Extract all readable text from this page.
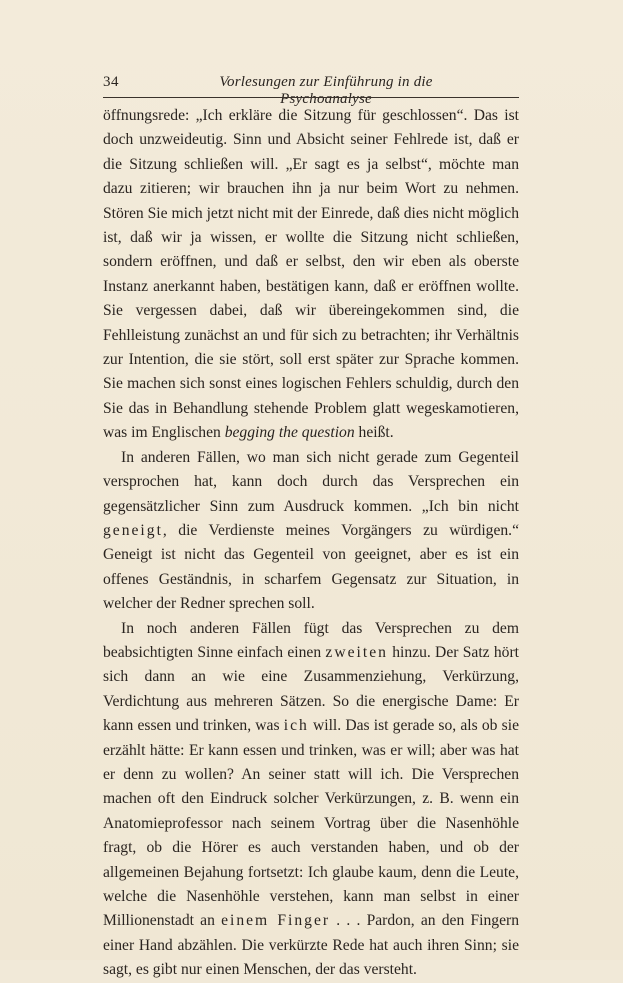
34	Vorlesungen zur Einführung in die Psychoanalyse

öffnungsrede: „Ich erkläre die Sitzung für geschlossen“. Das ist doch unzweideutig. Sinn und Absicht seiner Fehlrede ist, daß er die Sitzung schließen will. „Er sagt es ja selbst“, möchte man dazu zitieren; wir brauchen ihn ja nur beim Wort zu nehmen. Stören Sie mich jetzt nicht mit der Einrede, daß dies nicht möglich ist, daß wir ja wissen, er wollte die Sitzung nicht schließen, sondern eröffnen, und daß er selbst, den wir eben als oberste Instanz anerkannt haben, bestätigen kann, daß er eröffnen wollte. Sie vergessen dabei, daß wir übereingekommen sind, die Fehlleistung zunächst an und für sich zu betrachten; ihr Verhältnis zur Intention, die sie stört, soll erst später zur Sprache kommen. Sie machen sich sonst eines logischen Fehlers schuldig, durch den Sie das in Behandlung stehende Problem glatt wegeskamotieren, was im Englischen begging the question heißt.

In anderen Fällen, wo man sich nicht gerade zum Gegenteil versprochen hat, kann doch durch das Versprechen ein gegensätzlicher Sinn zum Ausdruck kommen. „Ich bin nicht geneigt, die Verdienste meines Vorgängers zu würdigen.“ Geneigt ist nicht das Gegenteil von geeignet, aber es ist ein offenes Geständnis, in scharfem Gegensatz zur Situation, in welcher der Redner sprechen soll.

In noch anderen Fällen fügt das Versprechen zu dem beabsichtigten Sinne einfach einen zweiten hinzu. Der Satz hört sich dann an wie eine Zusammenziehung, Verkürzung, Verdichtung aus mehreren Sätzen. So die energische Dame: Er kann essen und trinken, was ich will. Das ist gerade so, als ob sie erzählt hätte: Er kann essen und trinken, was er will; aber was hat er denn zu wollen? An seiner statt will ich. Die Versprechen machen oft den Eindruck solcher Verkürzungen, z. B. wenn ein Anatomieprofessor nach seinem Vortrag über die Nasenhöhle fragt, ob die Hörer es auch verstanden haben, und ob der allgemeinen Bejahung fortsetzt: Ich glaube kaum, denn die Leute, welche die Nasenhöhle verstehen, kann man selbst in einer Millionenstadt an einem Finger . . . Pardon, an den Fingern einer Hand abzählen. Die verkürzte Rede hat auch ihren Sinn; sie sagt, es gibt nur einen Menschen, der das versteht.
